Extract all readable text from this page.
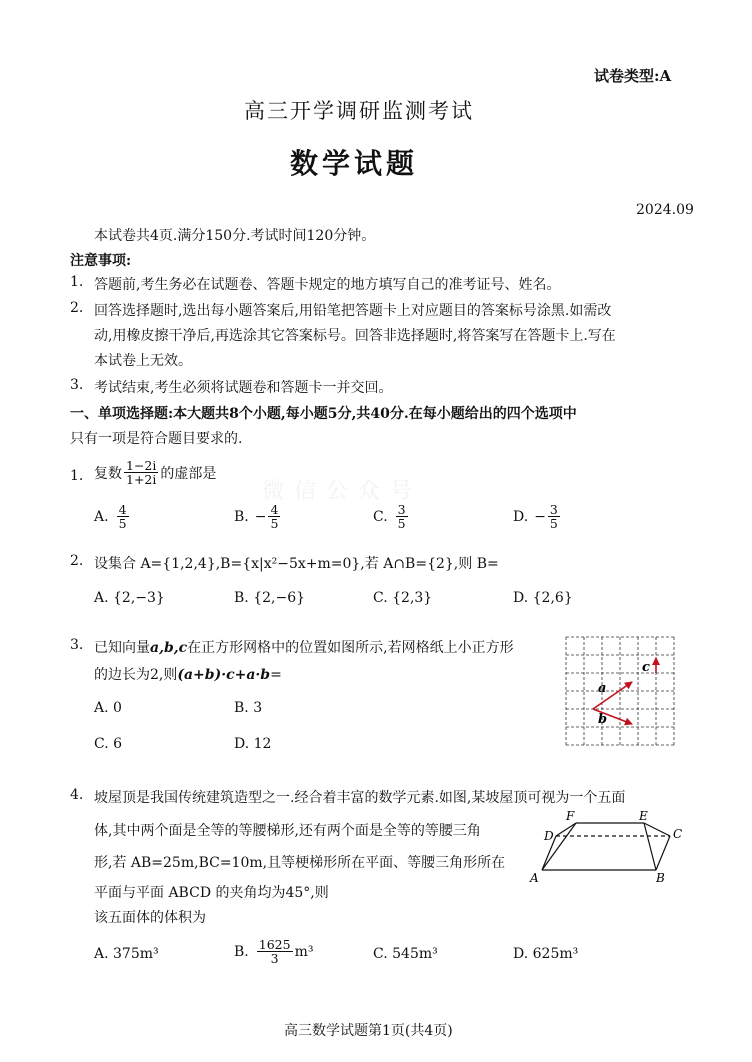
试卷类型:A
高三开学调研监测考试
数学试题
2024.09
本试卷共4页.满分150分.考试时间120分钟。
注意事项:
1. 答题前,考生务必在试题卷、答题卡规定的地方填写自己的准考证号、姓名。
2. 回答选择题时,选出每小题答案后,用铅笔把答题卡上对应题目的答案标号涂黑.如需改
动,用橡皮擦干净后,再选涂其它答案标号。回答非选择题时,将答案写在答题卡上.写在
本试卷上无效。
3. 考试结束,考生必须将试题卷和答题卡一并交回。
一、单项选择题:本大题共8个小题,每小题5分,共40分.在每小题给出的四个选项中
只有一项是符合题目要求的.
1. 复数 $\frac{1-2i}{1+2i}$ 的虚部是
微信公众号
A. $\frac{4}{5}$	B. − $\frac{4}{5}$	C. $\frac{3}{5}$	D. − $\frac{3}{5}$
2. 设集合 A={1,2,4},B={x|x²−5x+m=0},若 A∩B={2},则 B=
A. {2,−3}	B. {2,−6}	C. {2,3}	D. {2,6}
3. 已知向量a,b,c在正方形网格中的位置如图所示,若网格纸上小正方形
的边长为2,则(a+b)·c+a·b=
A. 0	B. 3
C. 6	D. 12
a
b
c
4. 坡屋顶是我国传统建筑造型之一.经合着丰富的数学元素.如图,某坡屋顶可视为一个五面
体,其中两个面是全等的等腰梯形,还有两个面是全等的等腰三角
形,若 AB=25m,BC=10m,且等梗梯形所在平面、等腰三角形所在
平面与平面 ABCD 的夹角均为45°,则
该五面体的体积为
A	B
C
D
E
F
A. 375m³	B. $\frac{1625}{3} m^3$	C. 545m³	D. 625m³
高三数学试题第1页(共4页)
